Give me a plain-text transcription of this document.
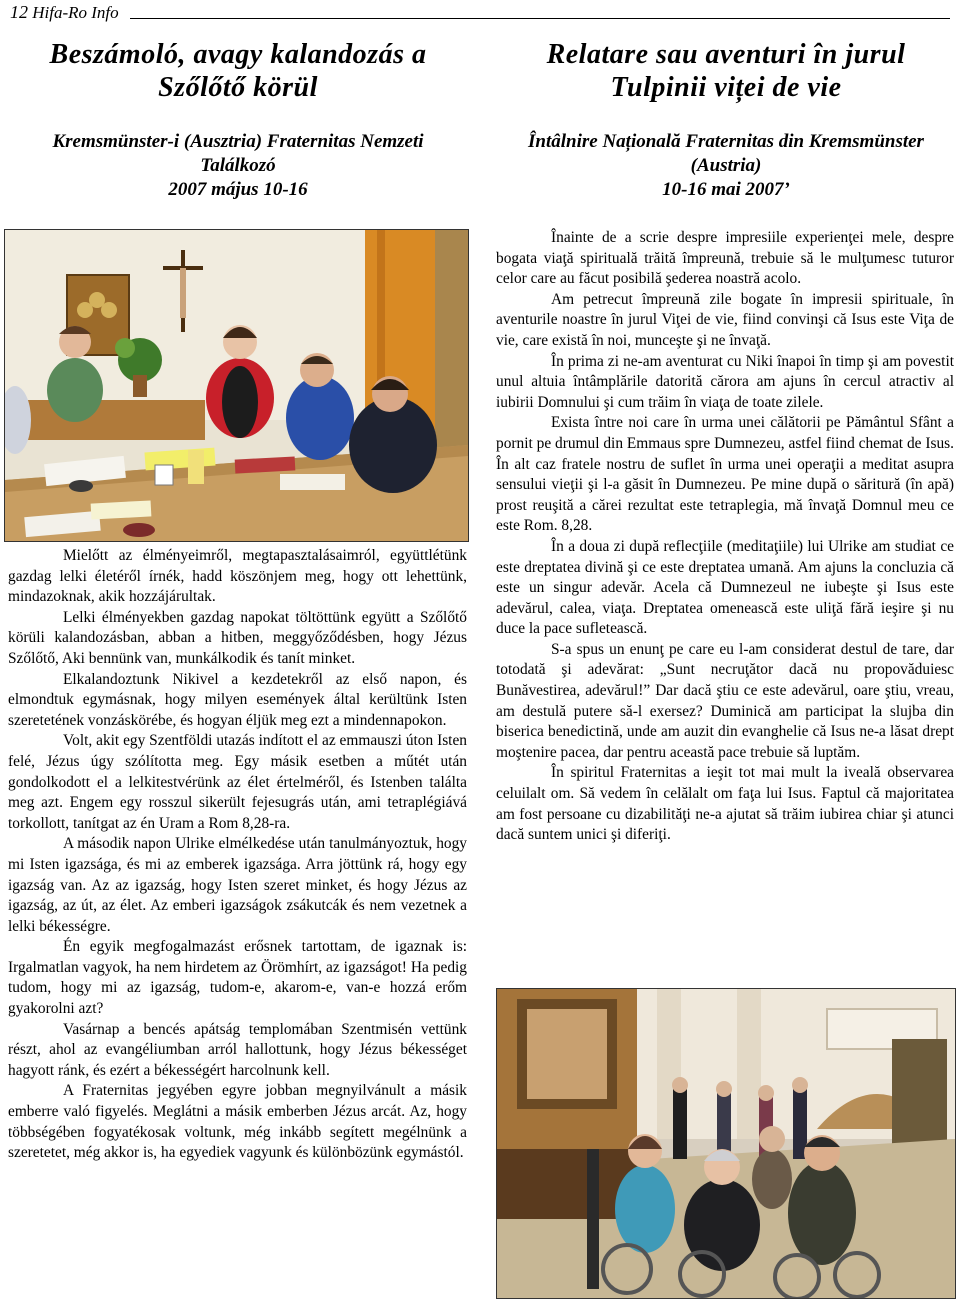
12 Hifa-Ro Info
Beszámoló, avagy kalandozás a
Szőlőtő körül
Kremsmünster-i (Ausztria) Fraternitas Nemzeti
Találkozó
2007 május 10-16
Relatare sau aventuri în jurul
Tulpinii viței de vie
Întâlnire Națională Fraternitas din Kremsmünster
(Austria)
10-16 mai 2007’

Mielőtt az élményeimről, megtapasztalásaimról, együttlétünk gazdag lelki életéről írnék, hadd köszönjem meg, hogy ott lehettünk, mindazoknak, akik hozzájárultak.

Lelki élményekben gazdag napokat töltöttünk együtt a Szőlőtő körüli kalandozásban, abban a hitben, meggyőződésben, hogy Jézus Szőlőtő, Aki bennünk van, munkálkodik és tanít minket.

Elkalandoztunk Nikivel a kezdetekről az első napon, és elmondtuk egymásnak, hogy milyen események által kerültünk Isten szeretetének vonzáskörébe, és hogyan éljük meg ezt a mindennapokon.

Volt, akit egy Szentföldi utazás indított el az emmauszi úton Isten felé, Jézus úgy szólította meg. Egy másik esetben a műtét után gondolkodott el a lelkitestvérünk az élet értelméről, és Istenben találta meg azt. Engem egy rosszul sikerült fejesugrás után, ami tetraplégiává torkollott, tanítgat az én Uram a Rom 8,28-ra.

A második napon Ulrike elmélkedése után tanulmányoztuk, hogy mi Isten igazsága, és mi az emberek igazsága. Arra jöttünk rá, hogy egy igazság van. Az az igazság, hogy Isten szeret minket, és hogy Jézus az igazság, az út, az élet. Az emberi igazságok zsákutcák és nem vezetnek a lelki békességre.

Én egyik megfogalmazást erősnek tartottam, de igaznak is: Irgalmatlan vagyok, ha nem hirdetem az Örömhírt, az igazságot! Ha pedig tudom, hogy mi az igazság, tudom-e, akarom-e, van-e hozzá erőm gyakorolni azt?

Vasárnap a bencés apátság templomában Szentmisén vettünk részt, ahol az evangéliumban arról hallottunk, hogy Jézus békességet hagyott ránk, és ezért a békességért harcolnunk kell.

A Fraternitas jegyében egyre jobban megnyilvánult a másik emberre való figyelés. Meglátni a másik emberben Jézus arcát. Az, hogy többségében fogyatékosak voltunk, még inkább segített megélnünk a szeretetet, még akkor is, ha egyediek vagyunk és különbözünk egymástól.

Înainte de a scrie despre impresiile experienţei mele, despre bogata viaţă spirituală trăită împreună, trebuie să le mulţumesc tuturor celor care au făcut posibilă şederea noastră acolo.

Am petrecut împreună zile bogate în impresii spirituale, în aventurile noastre în jurul Viţei de vie, fiind convinşi că Isus este Viţa de vie, care există în noi, munceşte şi ne învaţă.

În prima zi ne-am aventurat cu Niki înapoi în timp şi am povestit unul altuia întâmplările datorită cărora am ajuns în cercul atractiv al iubirii Domnului şi cum trăim în viaţa de toate zilele.

Exista între noi care în urma unei călătorii pe Pământul Sfânt a pornit pe drumul din Emmaus spre Dumnezeu, astfel fiind chemat de Isus. În alt caz fratele nostru de suflet în urma unei operaţii a meditat asupra sensului vieţii şi l-a găsit în Dumnezeu. Pe mine după o săritură (în apă) prost reuşită a cărei rezultat este tetraplegia, mă învaţă Domnul meu ce este Rom. 8,28.

În a doua zi după reflecţiile (meditaţiile) lui Ulrike am studiat ce este dreptatea divină şi ce este dreptatea umană. Am ajuns la concluzia că este un singur adevăr. Acela că Dumnezeul ne iubeşte şi Isus este adevărul, calea, viaţa. Dreptatea omenească este uliţă fără ieşire şi nu duce la pace sufletească.

S-a spus un enunţ pe care eu l-am considerat destul de tare, dar totodată şi adevărat: „Sunt necruţător dacă nu propovăduiesc Bunăvestirea, adevărul!” Dar dacă ştiu ce este adevărul, oare ştiu, vreau, am destulă putere să-l exersez? Duminică am participat la slujba din biserica benedictină, unde am auzit din evanghelie că Isus ne-a lăsat drept moştenire pacea, dar pentru această pace trebuie să luptăm.

În spiritul Fraternitas a ieşit tot mai mult la iveală observarea celuilalt om. Să vedem în celălalt om faţa lui Isus. Faptul că majoritatea am fost persoane cu dizabilităţi ne-a ajutat să trăim iubirea chiar şi atunci dacă suntem unici şi diferiţi.
